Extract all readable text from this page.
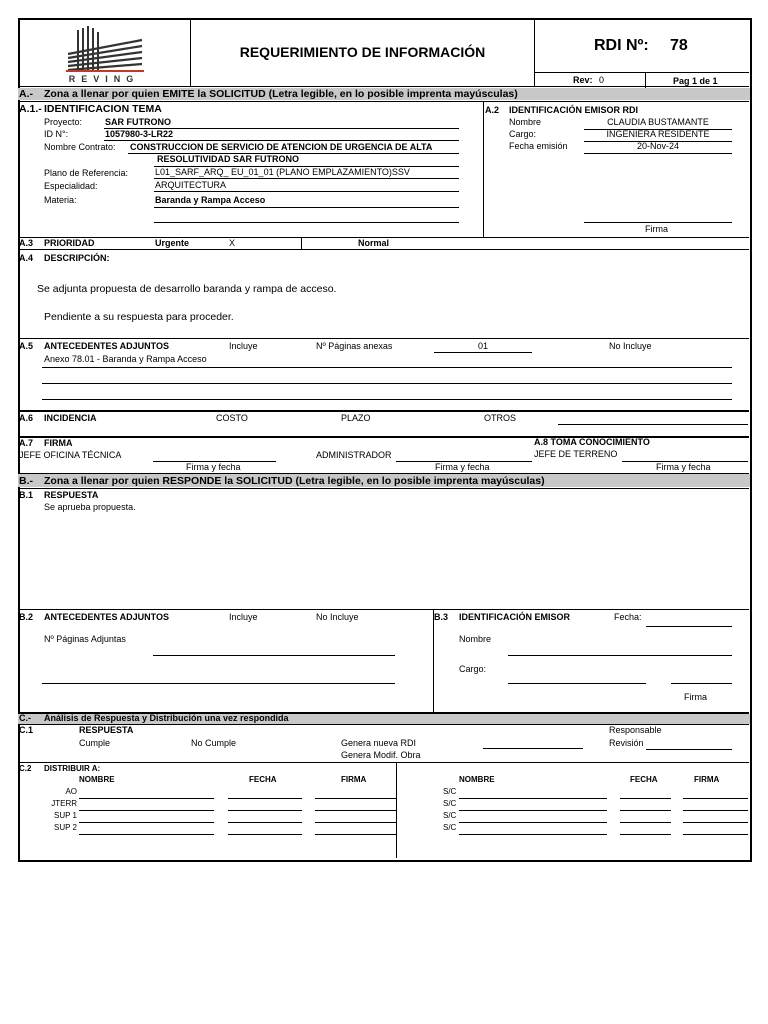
REVING
REQUERIMIENTO DE INFORMACIÓN	RDI Nº: 78
Rev: 0	Pag 1 de 1
A.- Zona a llenar por quien EMITE la SOLICITUD (Letra legible, en lo posible imprenta mayúsculas)
A.1.- IDENTIFICACION TEMA
Proyecto:	SAR FUTRONO
ID N°:	1057980-3-LR22
Nombre Contrato: CONSTRUCCION DE SERVICIO DE ATENCION DE URGENCIA DE ALTA
RESOLUTIVIDAD SAR FUTRONO
Plano de Referencia:	L01_SARF_ARQ_ EU_01_01 (PLANO EMPLAZAMIENTO)SSV
Especialidad:	ARQUITECTURA
Materia:	Baranda y Rampa Acceso
A.2 IDENTIFICACIÓN EMISOR RDI
Nombre	CLAUDIA BUSTAMANTE
Cargo:	INGENIERA RESIDENTE
Fecha emisión	20-Nov-24
Firma
A.3 PRIORIDAD	Urgente	X	Normal
A.4 DESCRIPCIÓN:
Se adjunta propuesta de desarrollo baranda y rampa de acceso.
Pendiente a su respuesta para proceder.
A.5 ANTECEDENTES ADJUNTOS	Incluye	Nº Páginas anexas	01	No Incluye
Anexo 78.01 - Baranda y Rampa Acceso
A.6 INCIDENCIA	COSTO	PLAZO	OTROS
A.7 FIRMA
JEFE OFICINA TÉCNICA
Firma y fecha
ADMINISTRADOR
Firma y fecha
A.8 TOMA CONOCIMIENTO
JEFE DE TERRENO
Firma y fecha
B.- Zona a llenar por quien RESPONDE la SOLICITUD (Letra legible, en lo posible imprenta mayúsculas)
B.1 RESPUESTA
Se aprueba propuesta.
B.2 ANTECEDENTES ADJUNTOS	Incluye	No Incluye
Nº Páginas Adjuntas
B.3 IDENTIFICACIÓN EMISOR	Fecha:
Nombre
Cargo:
Firma
C.- Análisis de Respuesta y Distribución una vez respondida
C.1	RESPUESTA
Cumple	No Cumple	Genera nueva RDI
Genera Modif. Obra
Responsable
Revisión
C.2 DISTRIBUIR A:
NOMBRE	FECHA	FIRMA	NOMBRE	FECHA	FIRMA
AO
JTERR
SUP 1
SUP 2
S/C
S/C
S/C
S/C
